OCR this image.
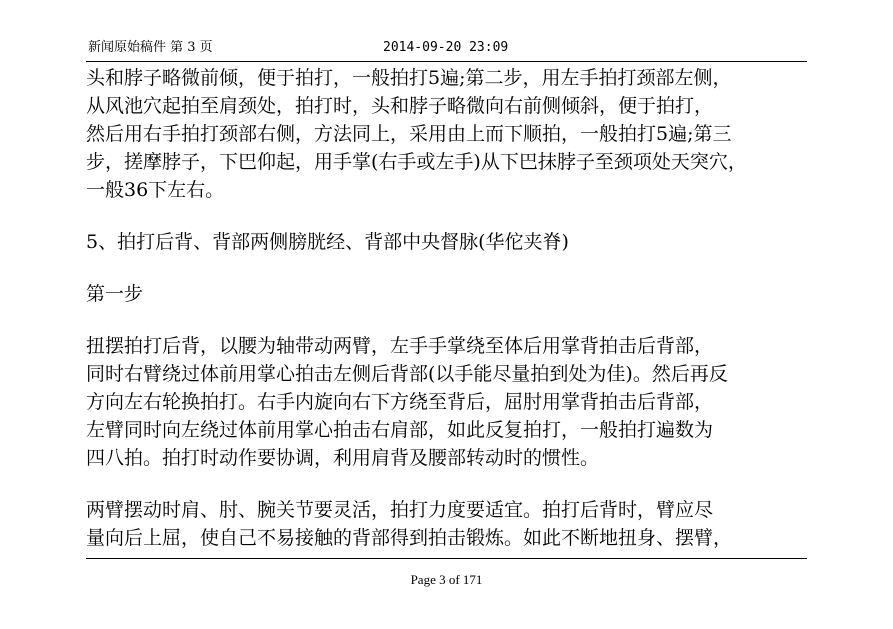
新闻原始稿件 第 3 页	2014-09-20 23:09
头和脖子略微前倾，便于拍打，一般拍打5遍;第二步，用左手拍打颈部左侧，
从风池穴起拍至肩颈处，拍打时，头和脖子略微向右前侧倾斜，便于拍打，
然后用右手拍打颈部右侧，方法同上，采用由上而下顺拍，一般拍打5遍;第三
步，搓摩脖子，下巴仰起，用手掌(右手或左手)从下巴抹脖子至颈项处天突穴，
一般36下左右。
5、拍打后背、背部两侧膀胱经、背部中央督脉(华佗夹脊)
第一步
扭摆拍打后背，以腰为轴带动两臂，左手手掌绕至体后用掌背拍击后背部，
同时右臂绕过体前用掌心拍击左侧后背部(以手能尽量拍到处为佳)。然后再反
方向左右轮换拍打。右手内旋向右下方绕至背后，屈肘用掌背拍击后背部，
左臂同时向左绕过体前用掌心拍击右肩部，如此反复拍打，一般拍打遍数为
四八拍。拍打时动作要协调，利用肩背及腰部转动时的惯性。
两臂摆动时肩、肘、腕关节要灵活，拍打力度要适宜。拍打后背时，臂应尽
量向后上屈，使自己不易接触的背部得到拍击锻炼。如此不断地扭身、摆臂，
Page 3 of 171
